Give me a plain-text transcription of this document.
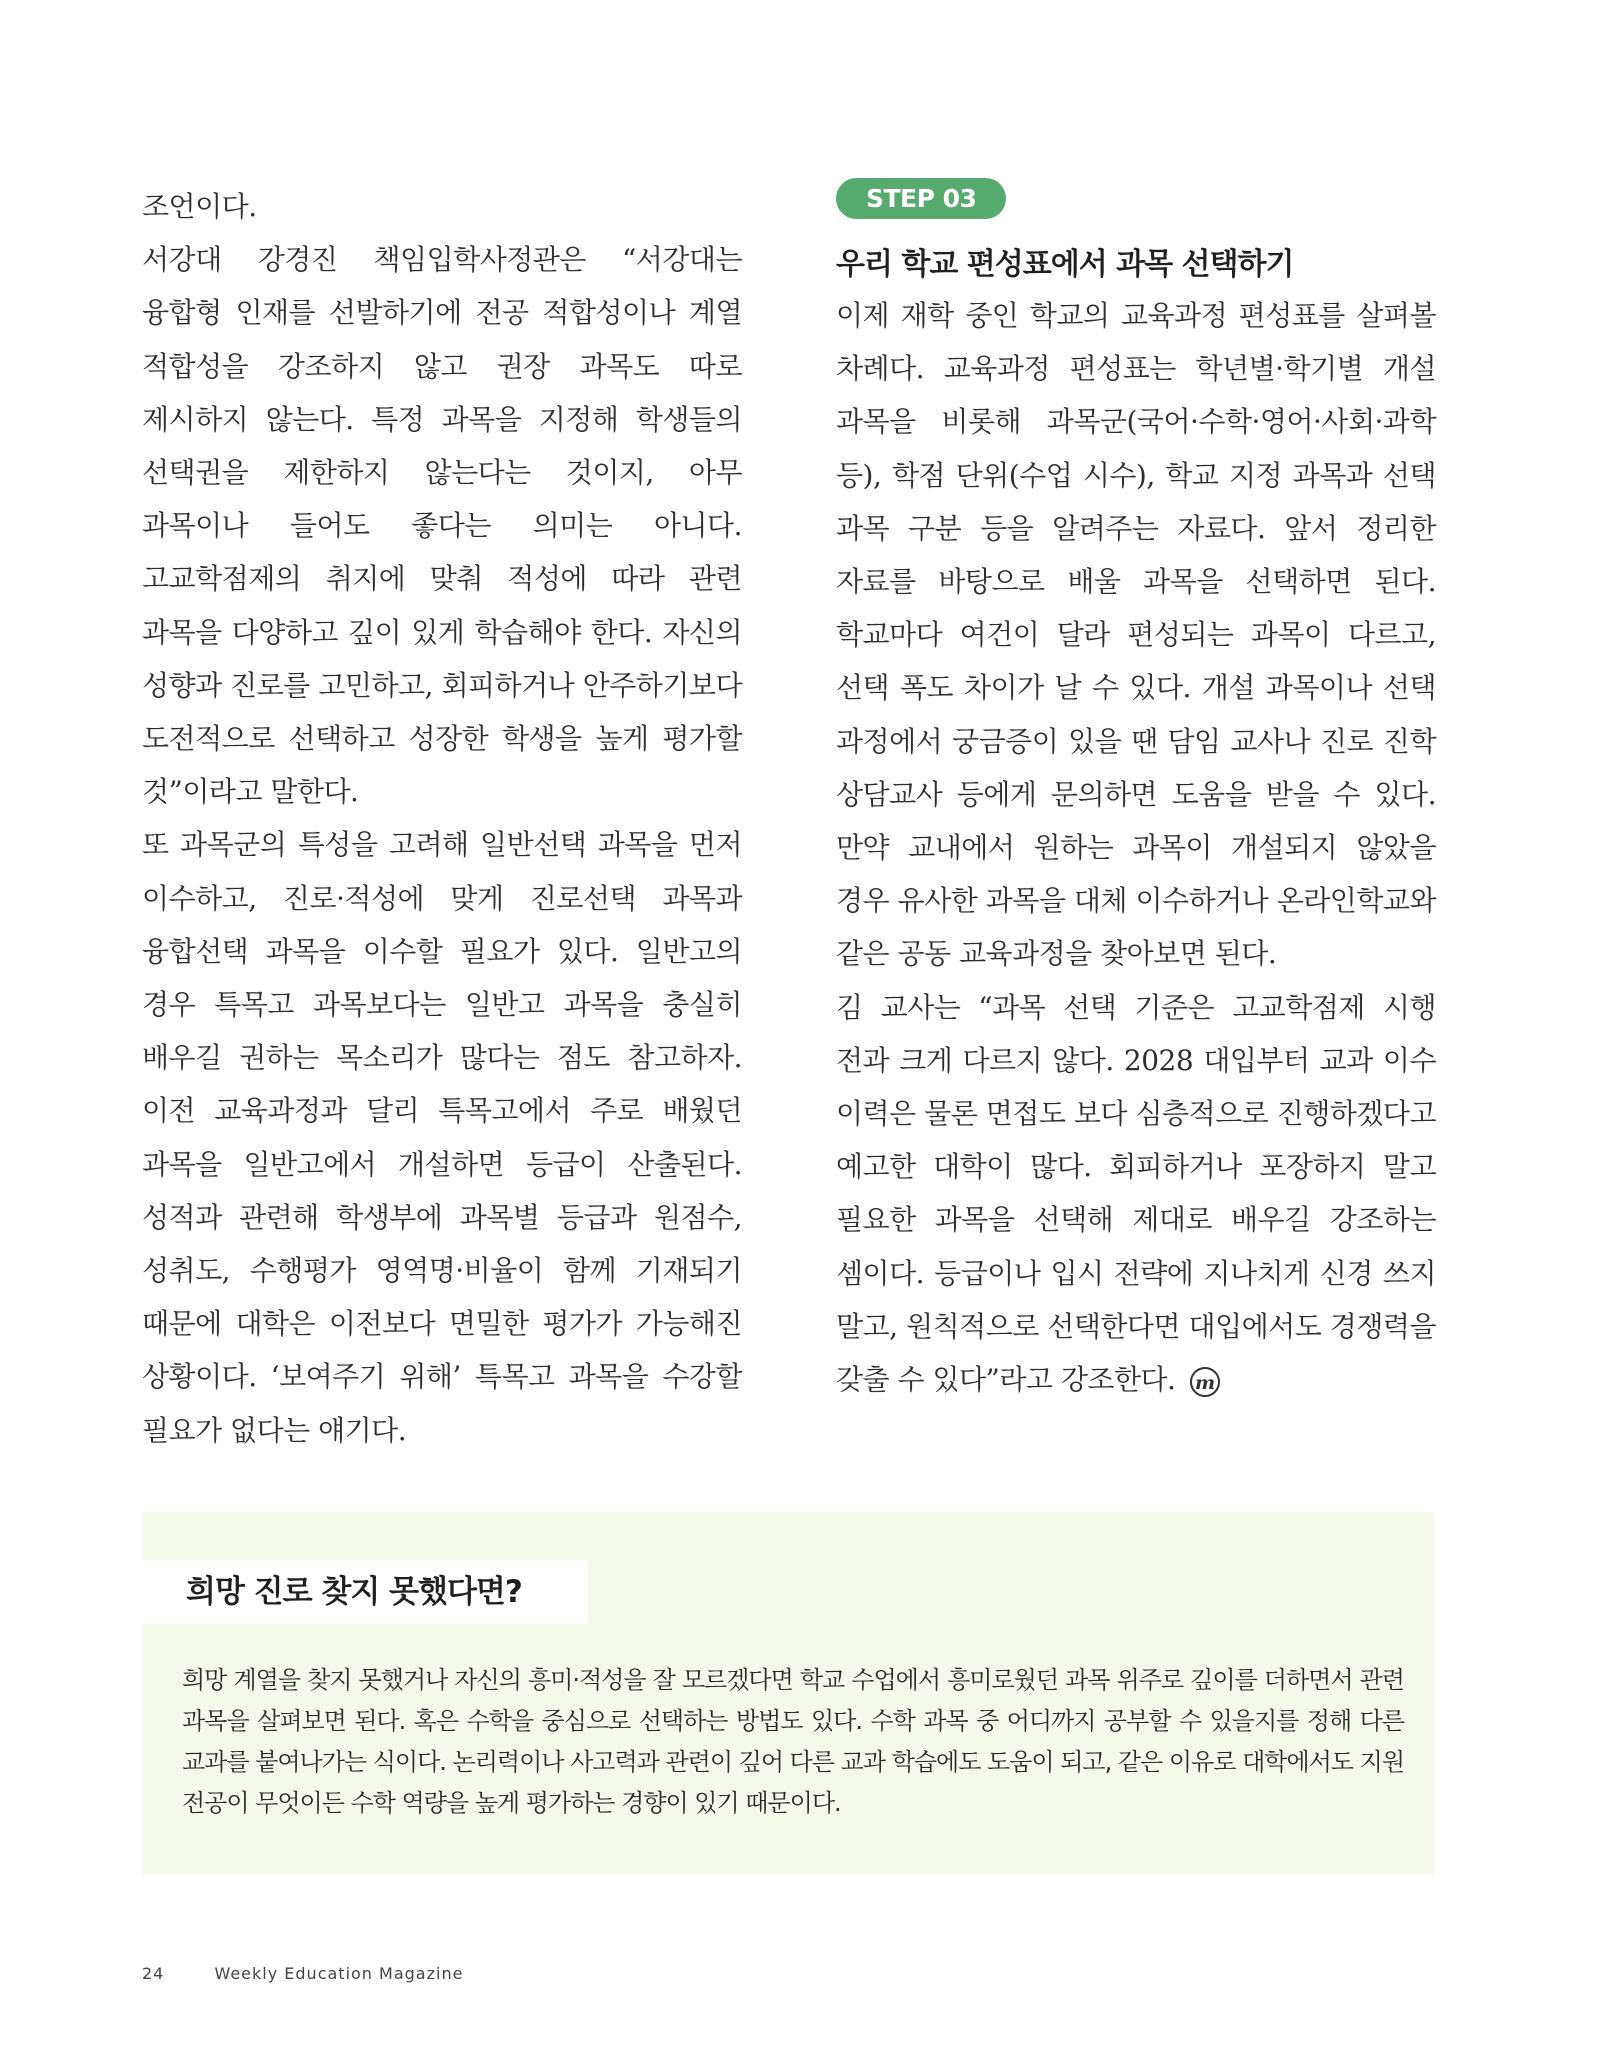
조언이다.

서강대 강경진 책임입학사정관은 “서강대는 융합형 인재를 선발하기에 전공 적합성이나 계열 적합성을 강조하지 않고 권장 과목도 따로 제시하지 않는다. 특정 과목을 지정해 학생들의 선택권을 제한하지 않는다는 것이지, 아무 과목이나 들어도 좋다는 의미는 아니다. 고교학점제의 취지에 맞춰 적성에 따라 관련 과목을 다양하고 깊이 있게 학습해야 한다. 자신의 성향과 진로를 고민하고, 회피하거나 안주하기보다 도전적으로 선택하고 성장한 학생을 높게 평가할 것”이라고 말한다.

또 과목군의 특성을 고려해 일반선택 과목을 먼저 이수하고, 진로·적성에 맞게 진로선택 과목과 융합선택 과목을 이수할 필요가 있다. 일반고의 경우 특목고 과목보다는 일반고 과목을 충실히 배우길 권하는 목소리가 많다는 점도 참고하자. 이전 교육과정과 달리 특목고에서 주로 배웠던 과목을 일반고에서 개설하면 등급이 산출된다. 성적과 관련해 학생부에 과목별 등급과 원점수, 성취도, 수행평가 영역명·비율이 함께 기재되기 때문에 대학은 이전보다 면밀한 평가가 가능해진 상황이다. ‘보여주기 위해’ 특목고 과목을 수강할 필요가 없다는 얘기다.

STEP 03
우리 학교 편성표에서 과목 선택하기

이제 재학 중인 학교의 교육과정 편성표를 살펴볼 차례다. 교육과정 편성표는 학년별·학기별 개설 과목을 비롯해 과목군(국어·수학·영어·사회·과학 등), 학점 단위(수업 시수), 학교 지정 과목과 선택 과목 구분 등을 알려주는 자료다. 앞서 정리한 자료를 바탕으로 배울 과목을 선택하면 된다. 학교마다 여건이 달라 편성되는 과목이 다르고, 선택 폭도 차이가 날 수 있다. 개설 과목이나 선택 과정에서 궁금증이 있을 땐 담임 교사나 진로 진학 상담교사 등에게 문의하면 도움을 받을 수 있다. 만약 교내에서 원하는 과목이 개설되지 않았을 경우 유사한 과목을 대체 이수하거나 온라인학교와 같은 공동 교육과정을 찾아보면 된다.

김 교사는 “과목 선택 기준은 고교학점제 시행 전과 크게 다르지 않다. 2028 대입부터 교과 이수 이력은 물론 면접도 보다 심층적으로 진행하겠다고 예고한 대학이 많다. 회피하거나 포장하지 말고 필요한 과목을 선택해 제대로 배우길 강조하는 셈이다. 등급이나 입시 전략에 지나치게 신경 쓰지 말고, 원칙적으로 선택한다면 대입에서도 경쟁력을 갖출 수 있다”라고 강조한다. m

희망 진로 찾지 못했다면?

희망 계열을 찾지 못했거나 자신의 흥미·적성을 잘 모르겠다면 학교 수업에서 흥미로웠던 과목 위주로 깊이를 더하면서 관련 과목을 살펴보면 된다. 혹은 수학을 중심으로 선택하는 방법도 있다. 수학 과목 중 어디까지 공부할 수 있을지를 정해 다른 교과를 붙여나가는 식이다. 논리력이나 사고력과 관련이 깊어 다른 교과 학습에도 도움이 되고, 같은 이유로 대학에서도 지원 전공이 무엇이든 수학 역량을 높게 평가하는 경향이 있기 때문이다.

24	Weekly Education Magazine
